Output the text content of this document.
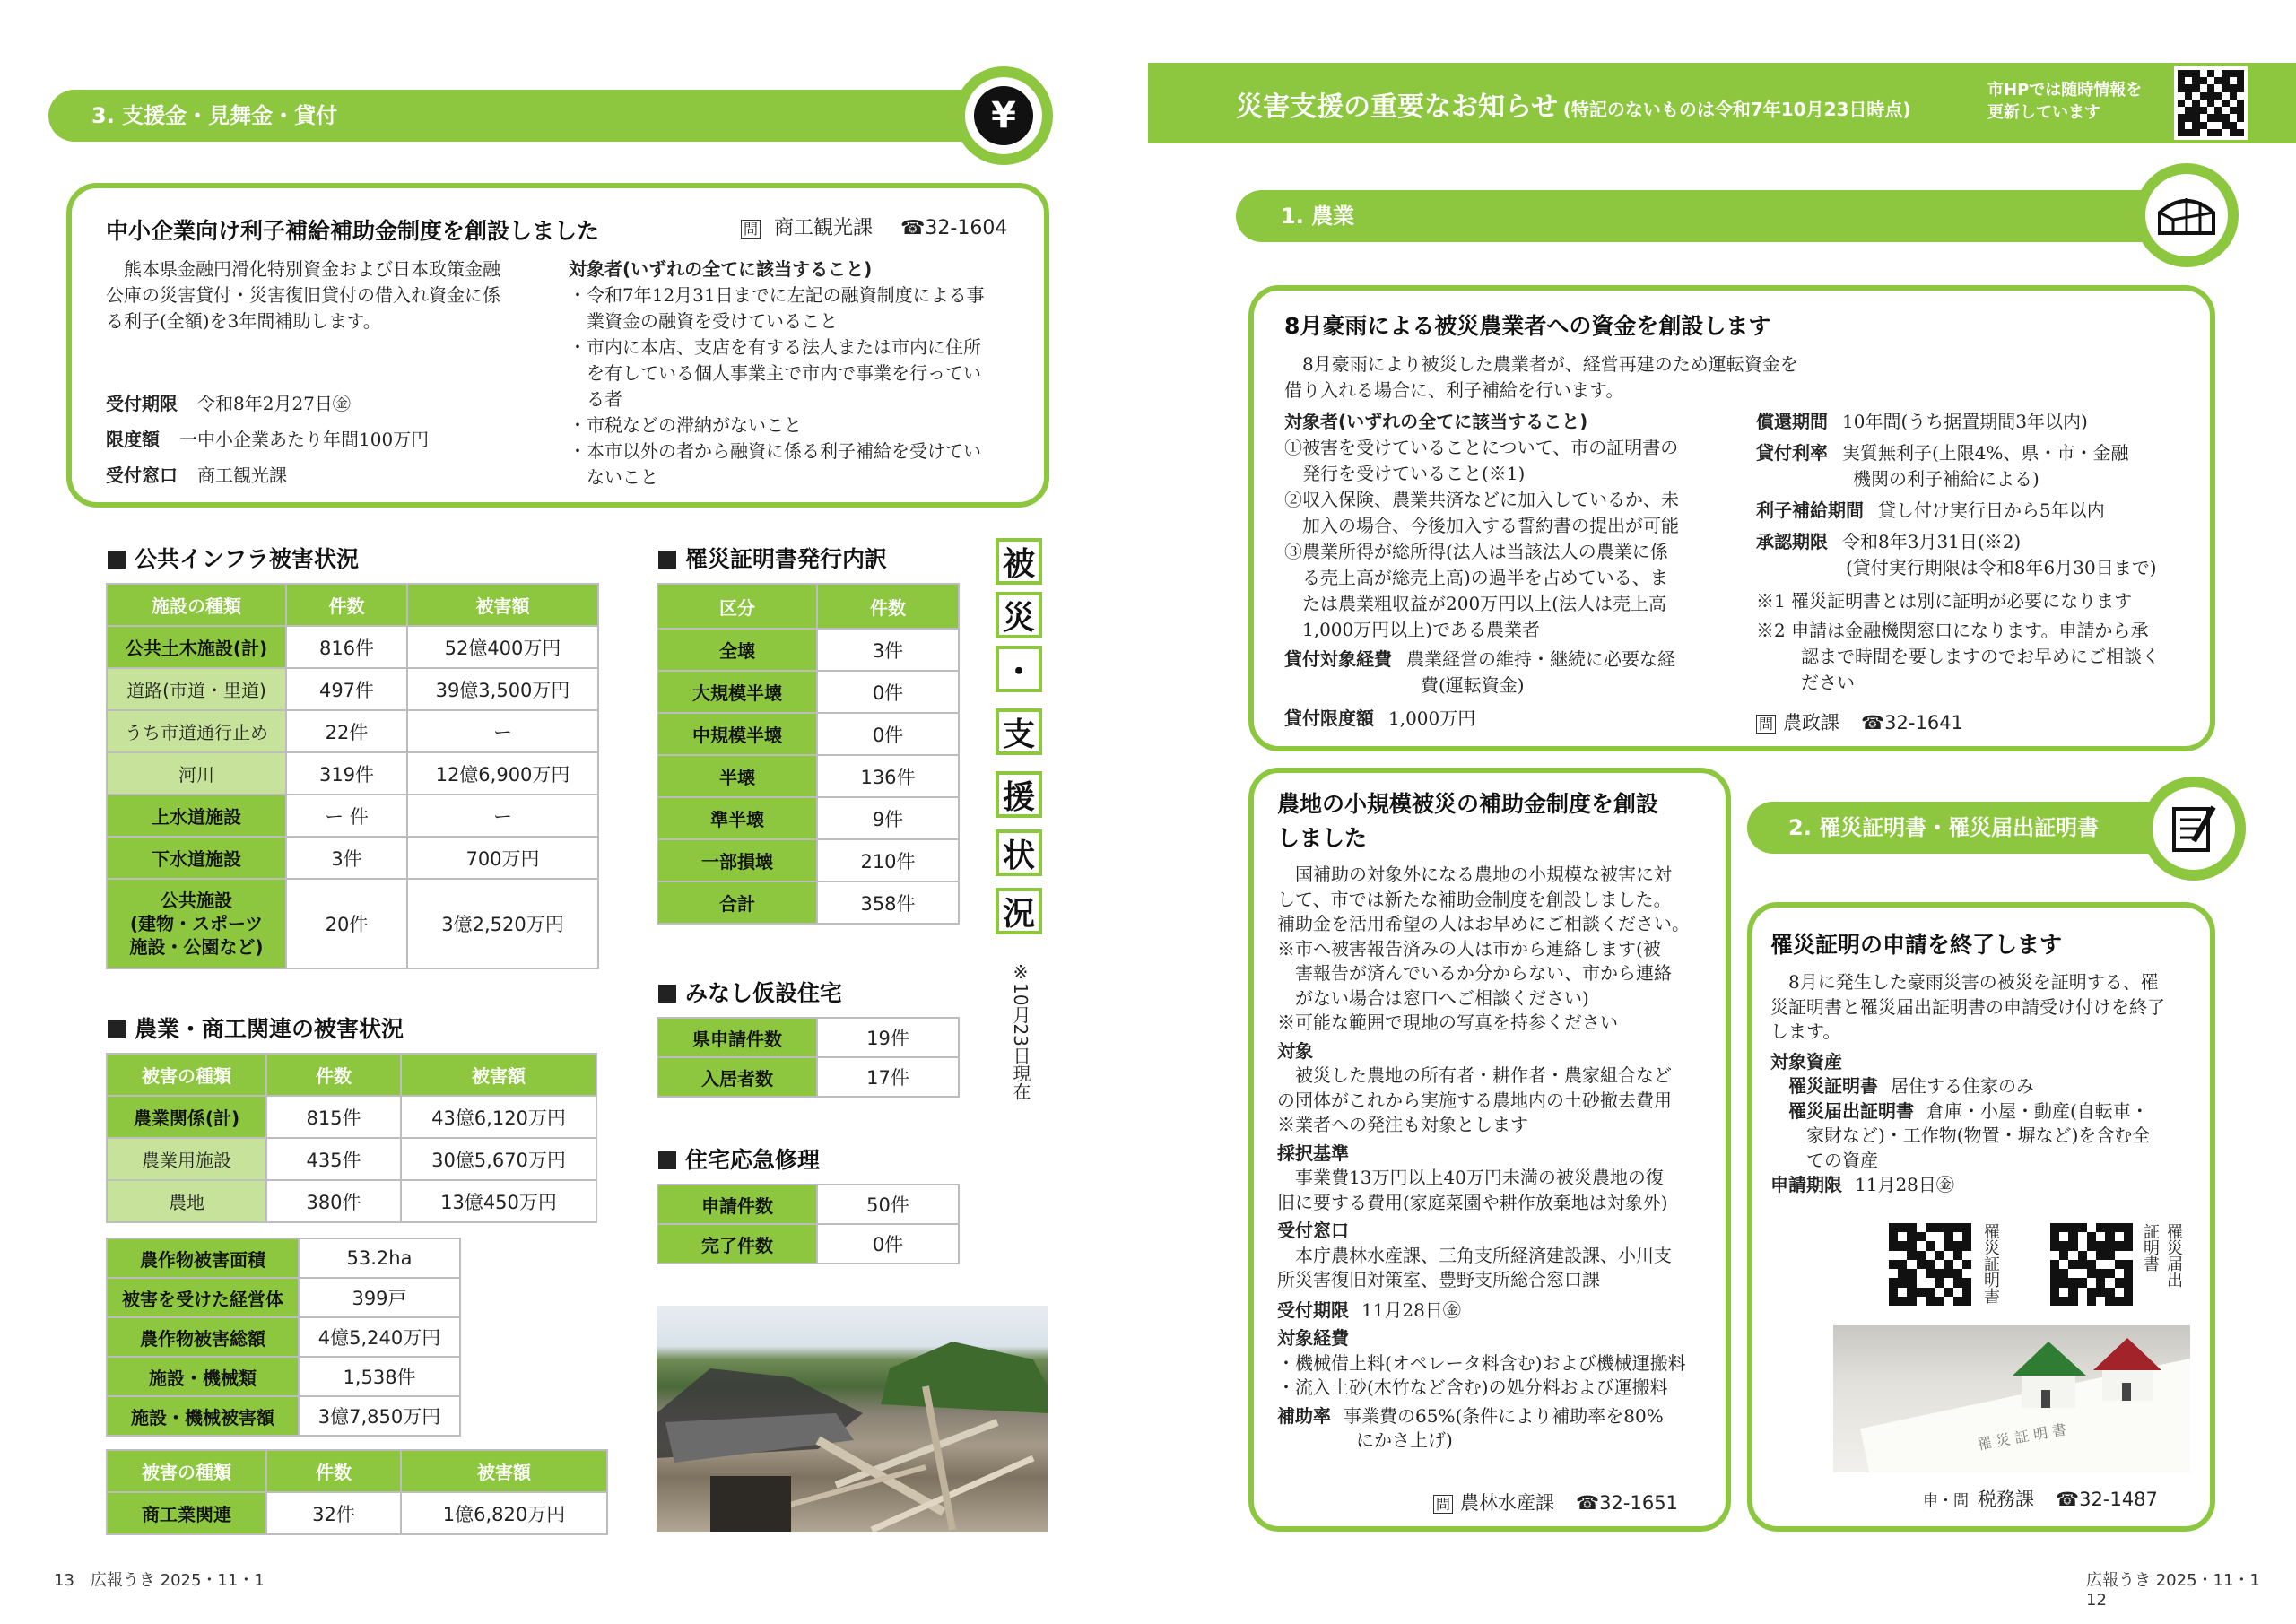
3. 支援金・見舞金・貸付	¥
中小企業向け利子補給補助金制度を創設しました	問 商工観光課 ☎32-1604
熊本県金融円滑化特別資金および日本政策金融
公庫の災害貸付・災害復旧貸付の借入れ資金に係
る利子(全額)を3年間補助します。
受付期限 令和8年2月27日㊎
限度額 一中小企業あたり年間100万円
受付窓口 商工観光課
対象者(いずれの全てに該当すること)
・令和7年12月31日までに左記の融資制度による事
業資金の融資を受けていること
・市内に本店、支店を有する法人または市内に住所
を有している個人事業主で市内で事業を行ってい
る者
・市税などの滞納がないこと
・本市以外の者から融資に係る利子補給を受けてい
ないこと
公共インフラ被害状況
施設の種類	件数	被害額
公共土木施設(計)	816件	52億400万円
道路(市道・里道)	497件	39億3,500万円
うち市道通行止め	22件	ー
河川	319件	12億6,900万円
上水道施設	ー 件	ー
下水道施設	3件	700万円
公共施設
(建物・スポーツ
施設・公園など)	20件	3億2,520万円
罹災証明書発行内訳
区分	件数
全壊	3件
大規模半壊	0件
中規模半壊	0件
半壊	136件
準半壊	9件
一部損壊	210件
合計	358件
被
災
・
支
援
状
況
※10月23日現在
みなし仮設住宅
県申請件数	19件
入居者数	17件
住宅応急修理
申請件数	50件
完了件数	0件
農業・商工関連の被害状況
被害の種類	件数	被害額
農業関係(計)	815件	43億6,120万円
農業用施設	435件	30億5,670万円
農地	380件	13億450万円
農作物被害面積	53.2ha
被害を受けた経営体	399戸
農作物被害総額	4億5,240万円
施設・機械類	1,538件
施設・機械被害額	3億7,850万円
被害の種類	件数	被害額
商工業関連	32件	1億6,820万円
13　広報うき 2025・11・1
災害支援の重要なお知らせ (特記のないものは令和7年10月23日時点)
市HPでは随時情報を
更新しています
1. 農業
8月豪雨による被災農業者への資金を創設します
8月豪雨により被災した農業者が、経営再建のため運転資金を
借り入れる場合に、利子補給を行います。
対象者(いずれの全てに該当すること)
①被害を受けていることについて、市の証明書の
発行を受けていること(※1)
②収入保険、農業共済などに加入しているか、未
加入の場合、今後加入する誓約書の提出が可能
③農業所得が総所得(法人は当該法人の農業に係
る売上高が総売上高)の過半を占めている、ま
たは農業粗収益が200万円以上(法人は売上高
1,000万円以上)である農業者
貸付対象経費 農業経営の維持・継続に必要な経
費(運転資金)
貸付限度額 1,000万円
償還期間 10年間(うち据置期間3年以内)
貸付利率 実質無利子(上限4%、県・市・金融
機関の利子補給による)
利子補給期間 貸し付け実行日から5年以内
承認期限 令和8年3月31日(※2)
(貸付実行期限は令和8年6月30日まで)
※1 罹災証明書とは別に証明が必要になります
※2 申請は金融機関窓口になります。申請から承
認まで時間を要しますのでお早めにご相談く
ださい
問 農政課 ☎32-1641
農地の小規模被災の補助金制度を創設
しました
国補助の対象外になる農地の小規模な被害に対
して、市では新たな補助金制度を創設しました。
補助金を活用希望の人はお早めにご相談ください。
※市へ被害報告済みの人は市から連絡します(被
害報告が済んでいるか分からない、市から連絡
がない場合は窓口へご相談ください)
※可能な範囲で現地の写真を持参ください
対象
被災した農地の所有者・耕作者・農家組合など
の団体がこれから実施する農地内の土砂撤去費用
※業者への発注も対象とします
採択基準
事業費13万円以上40万円未満の被災農地の復
旧に要する費用(家庭菜園や耕作放棄地は対象外)
受付窓口
本庁農林水産課、三角支所経済建設課、小川支
所災害復旧対策室、豊野支所総合窓口課
受付期限 11月28日㊎
対象経費
・機械借上料(オペレータ料含む)および機械運搬料
・流入土砂(木竹など含む)の処分料および運搬料
補助率 事業費の65%(条件により補助率を80%
にかさ上げ)
問 農林水産課 ☎32-1651
2. 罹災証明書・罹災届出証明書
罹災証明の申請を終了します
8月に発生した豪雨災害の被災を証明する、罹
災証明書と罹災届出証明書の申請受け付けを終了
します。
対象資産
罹災証明書 居住する住家のみ
罹災届出証明書 倉庫・小屋・動産(自転車・
家財など)・工作物(物置・塀など)を含む全
ての資産
申請期限 11月28日㊎
罹災証明書	罹災届出
証明書
罹 災 証 明 書
申・問 税務課 ☎32-1487
広報うき 2025・11・1　12
